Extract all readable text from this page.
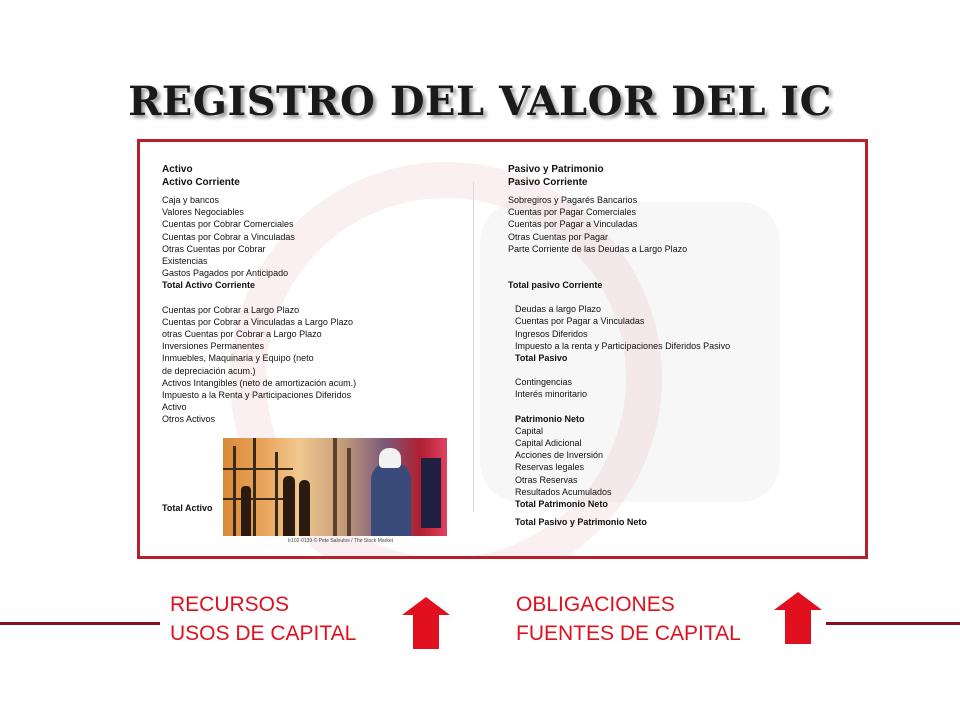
REGISTRO DEL VALOR DEL IC
Activo
Activo Corriente
Caja y bancos
Valores Negociables
Cuentas por Cobrar Comerciales
Cuentas por Cobrar a Vinculadas
Otras Cuentas por Cobrar
Existencias
Gastos Pagados por Anticipado
Total Activo Corriente
Cuentas por Cobrar a Largo Plazo
Cuentas por Cobrar a Vinculadas a Largo Plazo
otras Cuentas por Cobrar a Largo Plazo
Inversiones Permanentes
Inmuebles, Maquinaria y Equipo (neto de depreciación acum.)
Activos Intangibles (neto de amortización acum.)
Impuesto a la Renta y Participaciones Diferidos Activo
Otros Activos
Total Activo
Pasivo y Patrimonio
Pasivo Corriente
Sobregiros y Pagarés Bancarios
Cuentas por Pagar Comerciales
Cuentas por Pagar a Vinculadas
Otras Cuentas por Pagar
Parte Corriente de las Deudas a Largo Plazo
Total pasivo Corriente
Deudas a largo Plazo
Cuentas por Pagar a Vinculadas
Ingresos Diferidos
Impuesto a la renta y Participaciones Diferidos Pasivo
Total Pasivo
Contingencias
Interés minoritario
Patrimonio Neto
Capital
Capital Adicional
Acciones de Inversión
Reservas legales
Otras Reservas
Resultados Acumulados
Total Patrimonio Neto
Total Pasivo y Patrimonio Neto
Ir102-0139 © Pete Saloutos / The Stock Market
RECURSOS
USOS DE CAPITAL
OBLIGACIONES
FUENTES DE CAPITAL
